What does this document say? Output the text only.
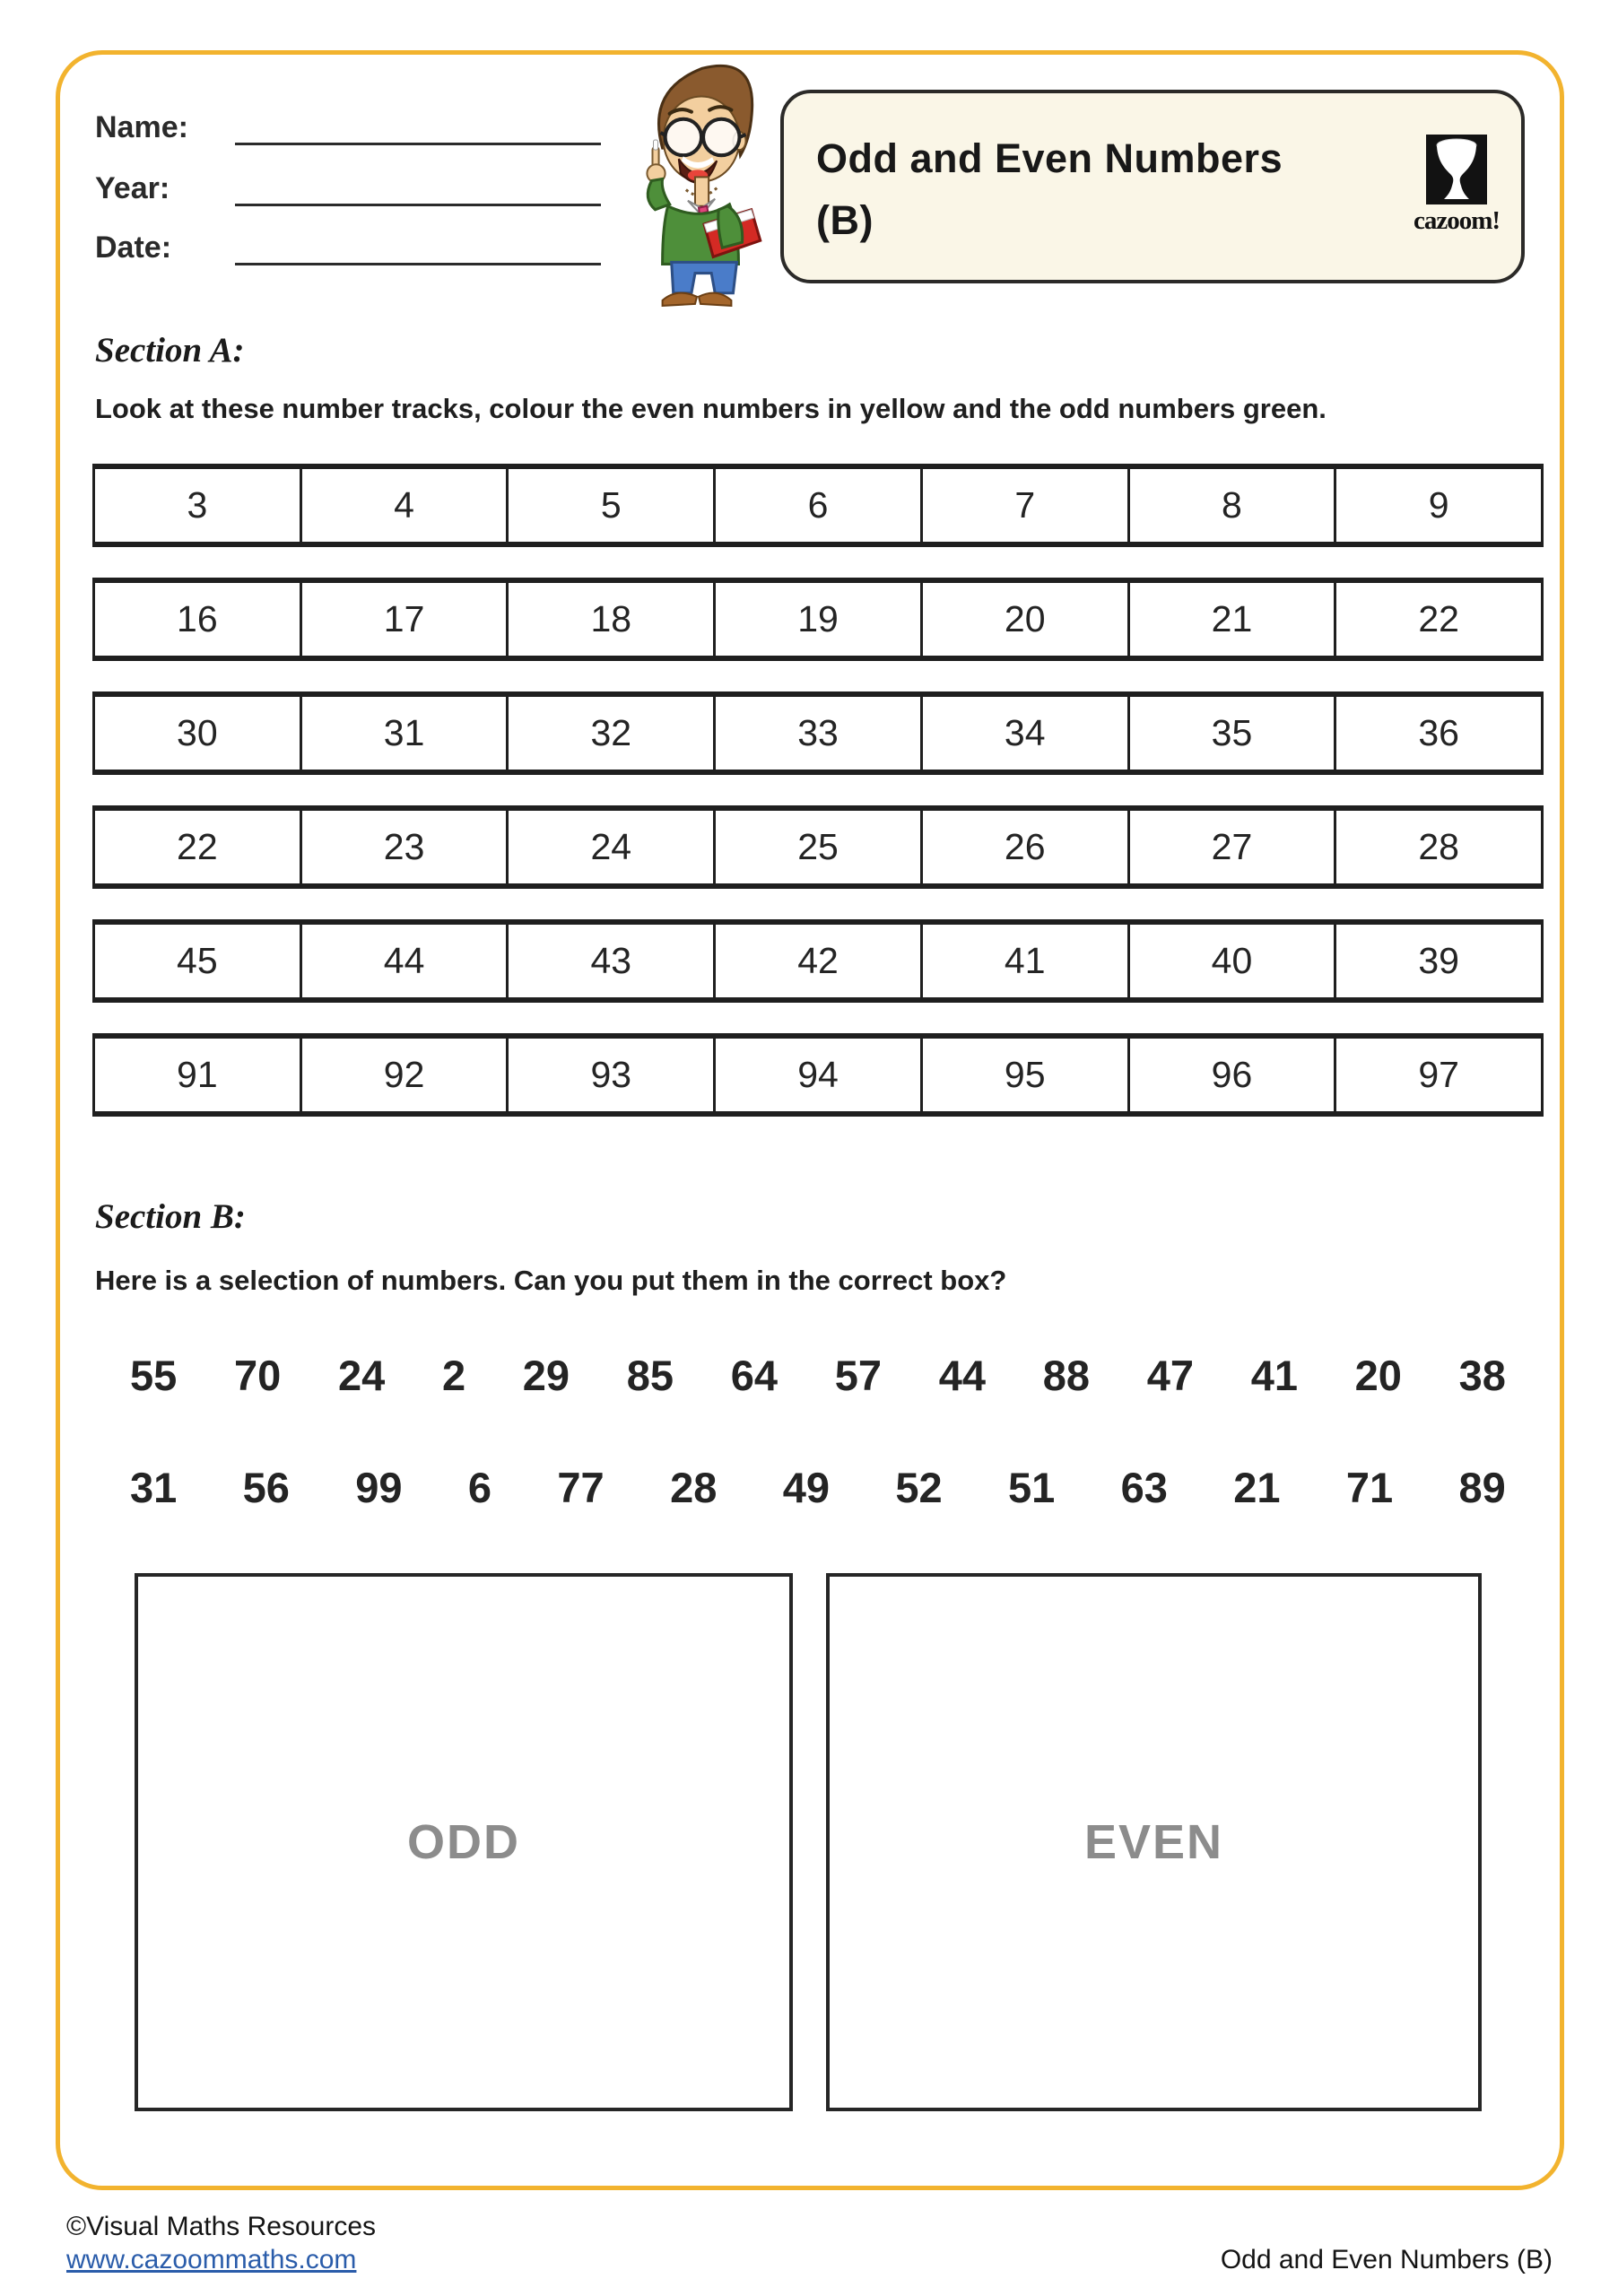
Name:
Year:
Date:
Odd and Even Numbers
(B)	cazoom!
Section A:
Look at these number tracks, colour the even numbers in yellow and the odd numbers green.
3	4	5	6	7	8	9
16	17	18	19	20	21	22
30	31	32	33	34	35	36
22	23	24	25	26	27	28
45	44	43	42	41	40	39
91	92	93	94	95	96	97
Section B:
Here is a selection of numbers. Can you put them in the correct box?
55 70 24 2 29 85 64 57 44 88 47 41 20 38
31 56 99 6 77 28 49 52 51 63 21 71 89
ODD	EVEN
©Visual Maths Resources
www.cazoommaths.com	Odd and Even Numbers (B)
